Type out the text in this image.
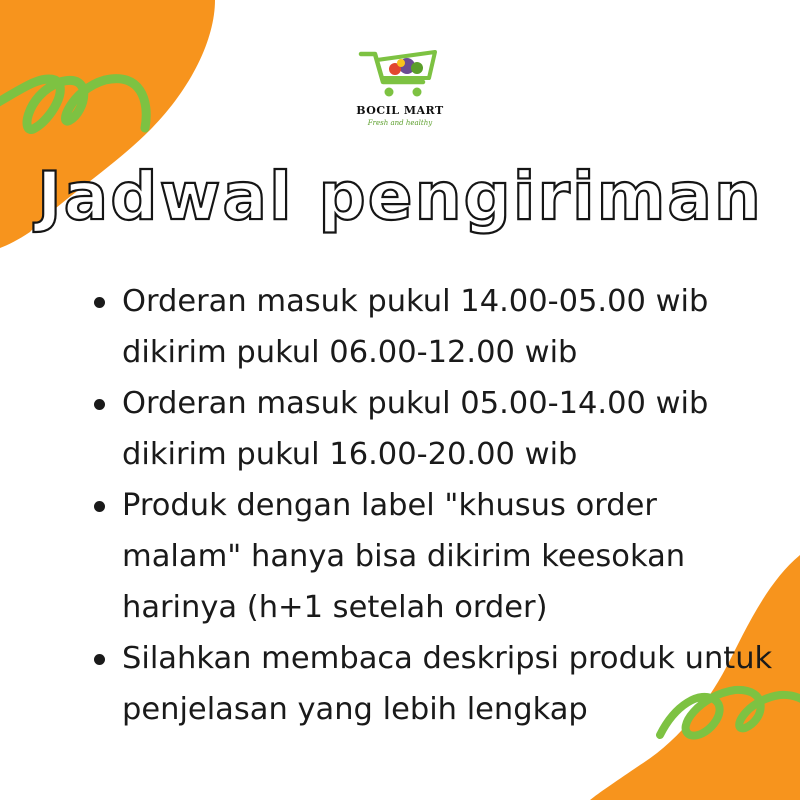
BOCIL MART
Fresh and healthy
Jadwal pengiriman
Orderan masuk pukul 14.00-05.00 wib dikirim pukul 06.00-12.00 wib
Orderan masuk pukul 05.00-14.00 wib dikirim pukul 16.00-20.00 wib
Produk dengan label "khusus order malam" hanya bisa dikirim keesokan harinya (h+1 setelah order)
Silahkan membaca deskripsi produk untuk penjelasan yang lebih lengkap
